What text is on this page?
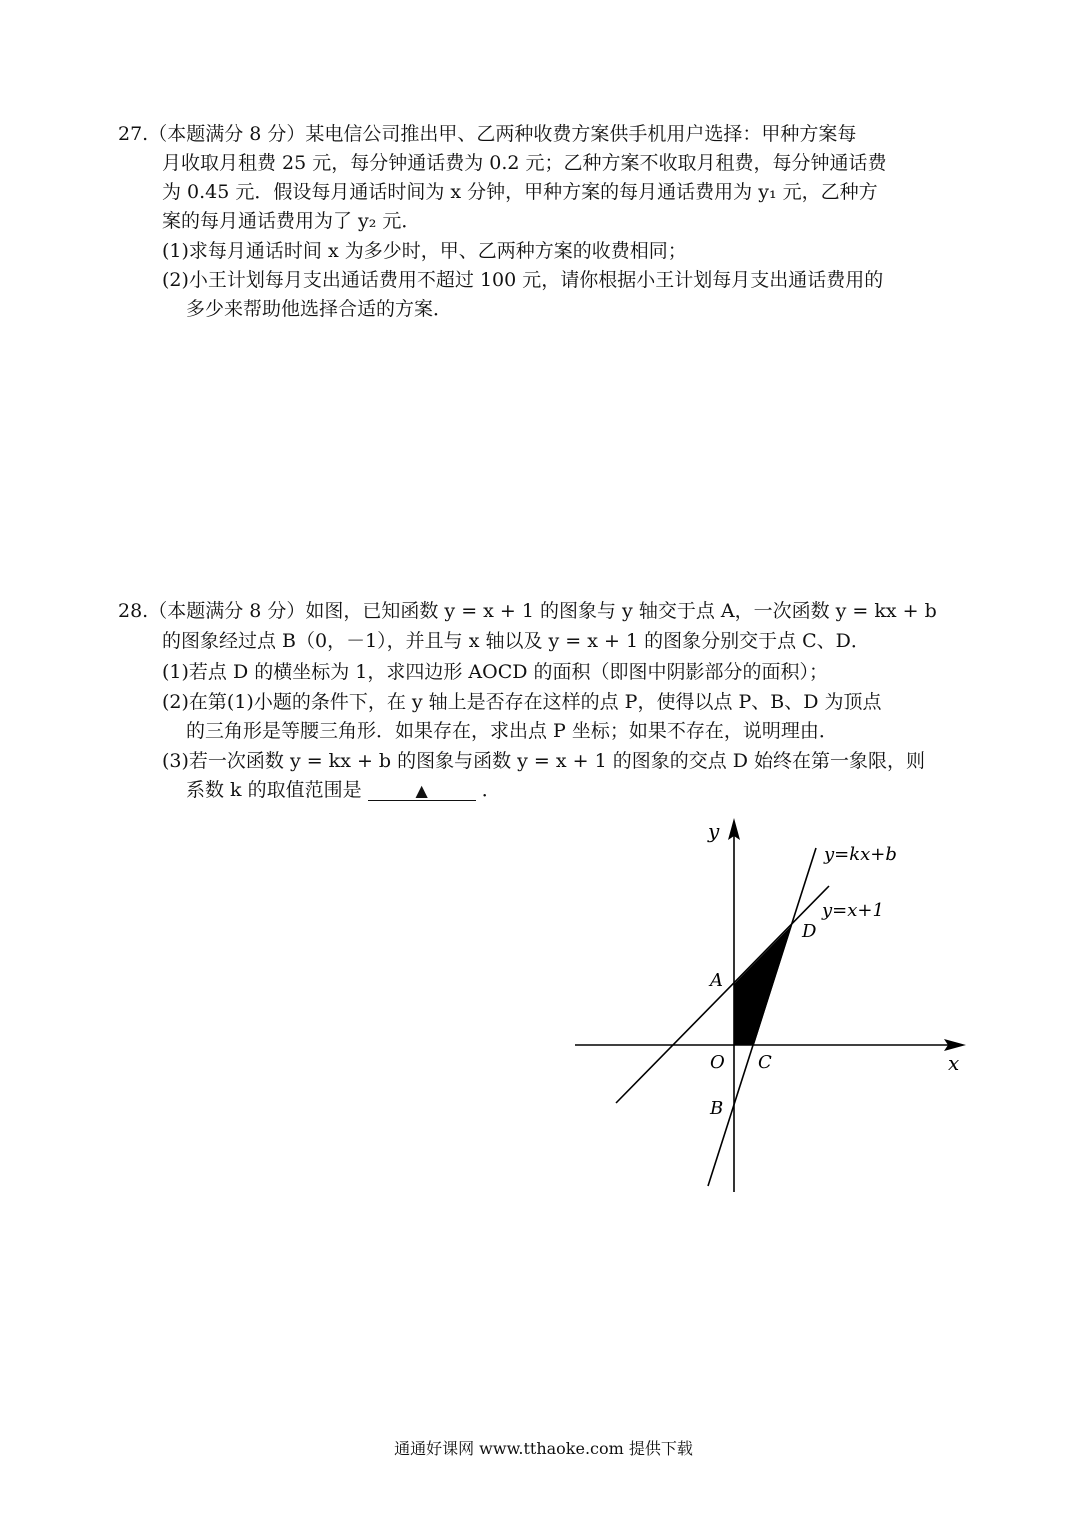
27.（本题满分 8 分）某电信公司推出甲、乙两种收费方案供手机用户选择：甲种方案每
月收取月租费 25 元，每分钟通话费为 0.2 元；乙种方案不收取月租费，每分钟通话费
为 0.45 元．假设每月通话时间为 x 分钟，甲种方案的每月通话费用为 y₁ 元，乙种方
案的每月通话费用为了 y₂ 元．
(1)求每月通话时间 x 为多少时，甲、乙两种方案的收费相同；
(2)小王计划每月支出通话费用不超过 100 元，请你根据小王计划每月支出通话费用的
多少来帮助他选择合适的方案．
28.（本题满分 8 分）如图，已知函数 y = x + 1 的图象与 y 轴交于点 A，一次函数 y = kx + b
的图象经过点 B（0，－1），并且与 x 轴以及 y = x + 1 的图象分别交于点 C、D．
(1)若点 D 的横坐标为 1，求四边形 AOCD 的面积（即图中阴影部分的面积）；
(2)在第(1)小题的条件下，在 y 轴上是否存在这样的点 P，使得以点 P、B、D 为顶点
的三角形是等腰三角形．如果存在，求出点 P 坐标；如果不存在，说明理由．
(3)若一次函数 y = kx + b 的图象与函数 y = x + 1 的图象的交点 D 始终在第一象限，则
系数 k 的取值范围是	▲	．
y
x
y=kx+b
y=x+1
D
A
O C
B
通通好课网 www.tthaoke.com 提供下载
